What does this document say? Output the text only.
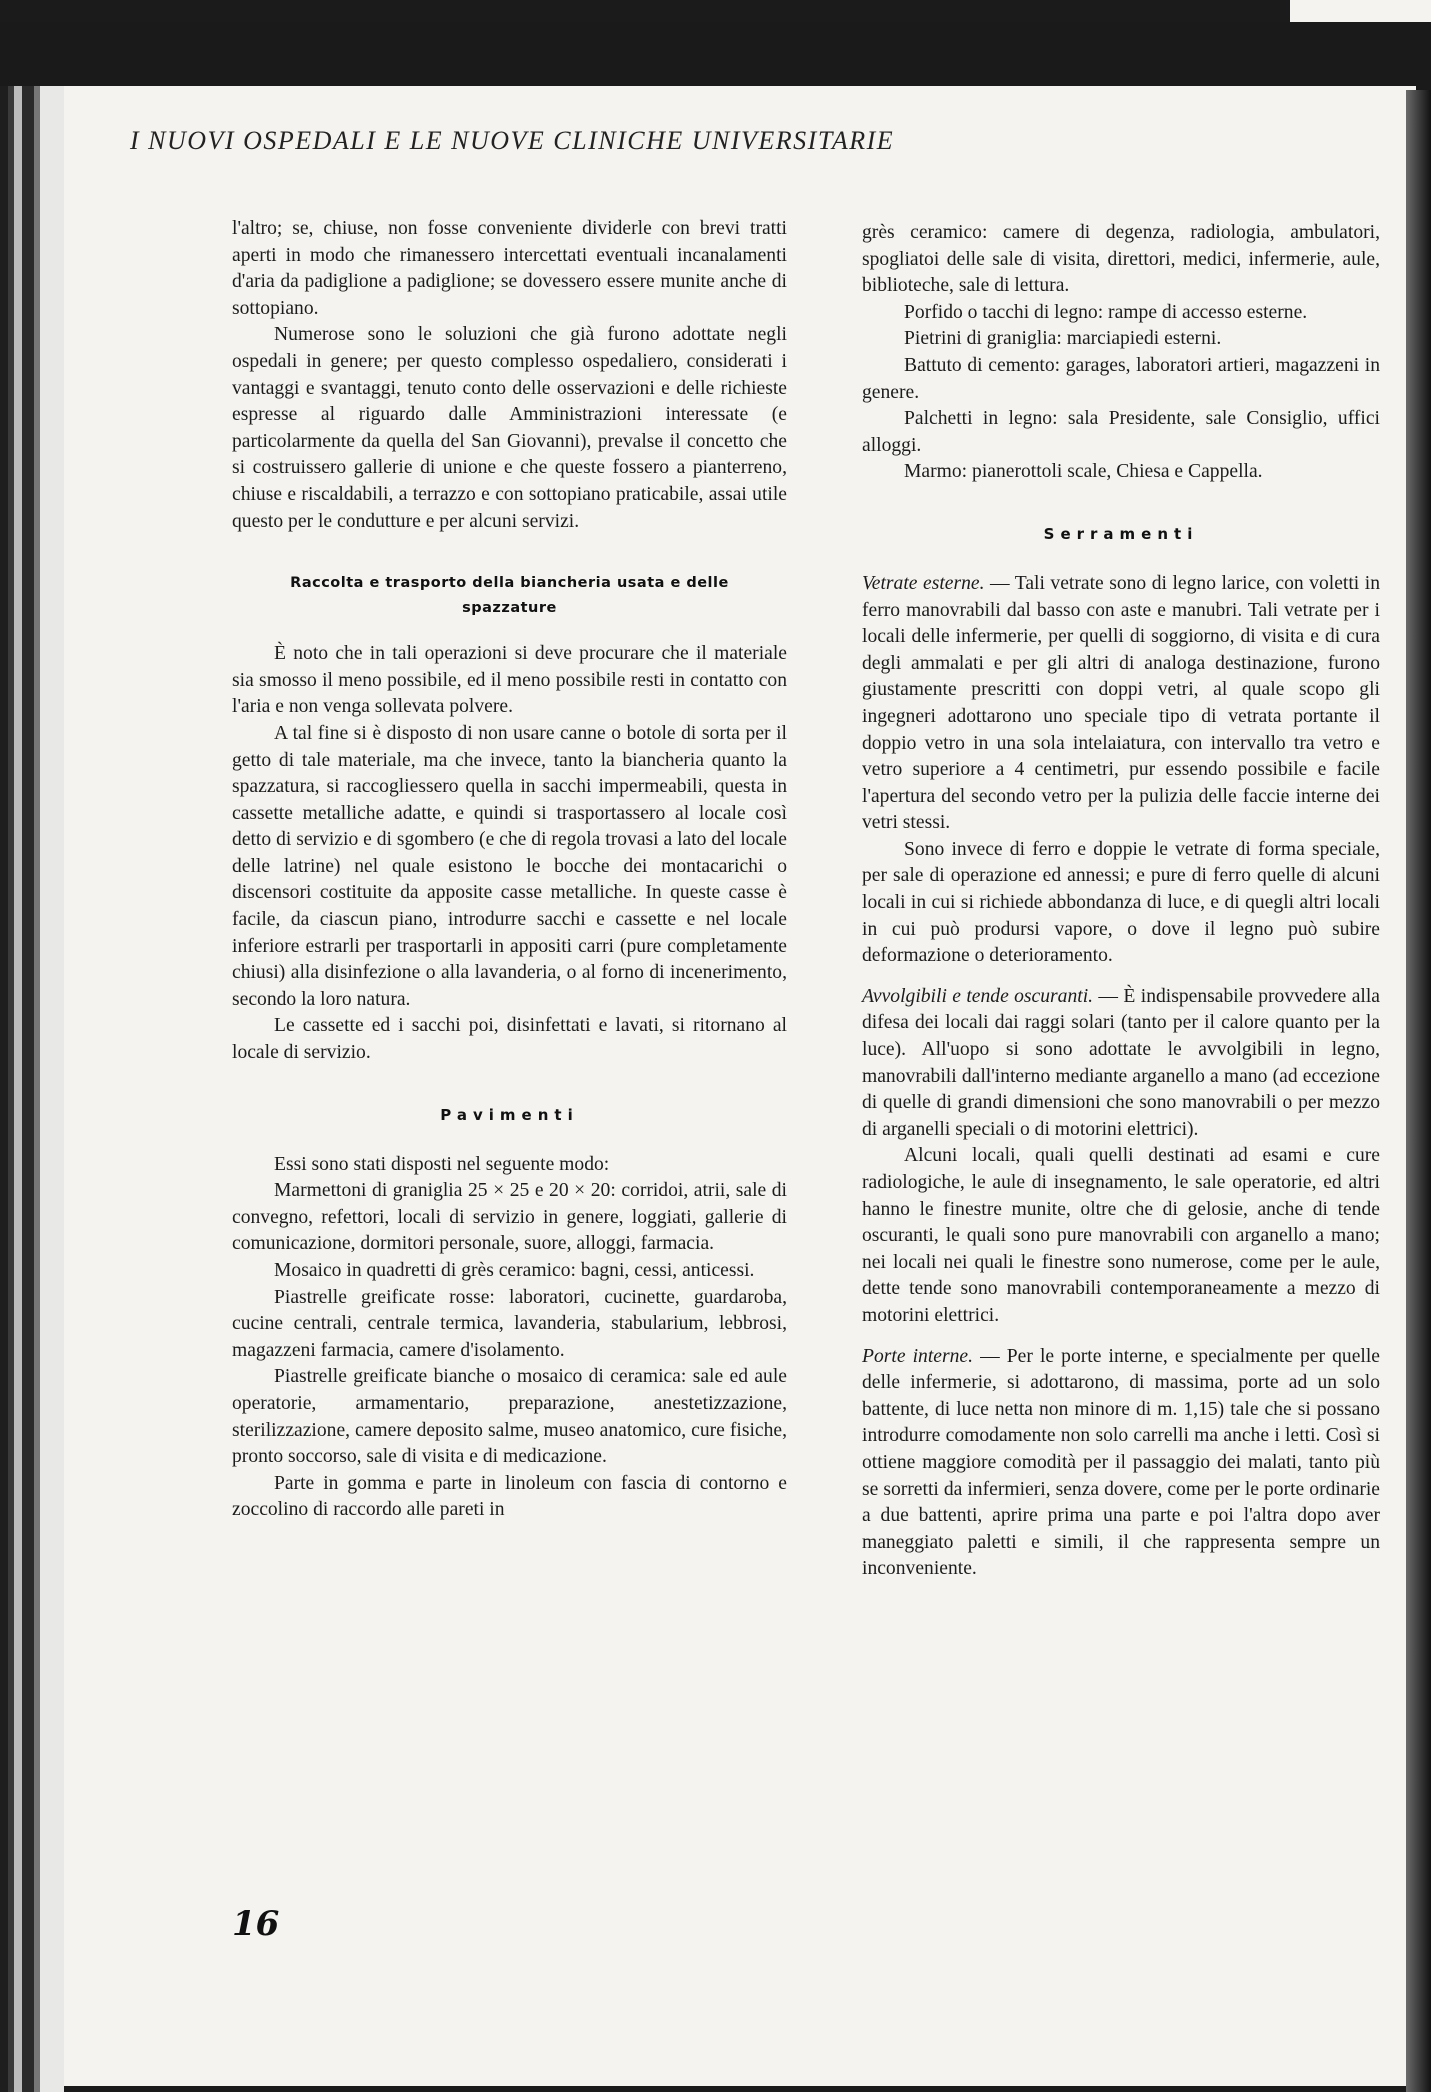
I NUOVI OSPEDALI E LE NUOVE CLINICHE UNIVERSITARIE

l'altro; se, chiuse, non fosse conveniente dividerle con brevi tratti aperti in modo che rimanessero intercettati eventuali incanalamenti d'aria da padiglione a padiglione; se dovessero essere munite anche di sottopiano.

Numerose sono le soluzioni che già furono adottate negli ospedali in genere; per questo complesso ospedaliero, considerati i vantaggi e svantaggi, tenuto conto delle osservazioni e delle richieste espresse al riguardo dalle Amministrazioni interessate (e particolarmente da quella del San Giovanni), prevalse il concetto che si costruissero gallerie di unione e che queste fossero a pianterreno, chiuse e riscaldabili, a terrazzo e con sottopiano praticabile, assai utile questo per le condutture e per alcuni servizi.

Raccolta e trasporto della biancheria usata e delle spazzature

È noto che in tali operazioni si deve procurare che il materiale sia smosso il meno possibile, ed il meno possibile resti in contatto con l'aria e non venga sollevata polvere.

A tal fine si è disposto di non usare canne o botole di sorta per il getto di tale materiale, ma che invece, tanto la biancheria quanto la spazzatura, si raccogliessero quella in sacchi impermeabili, questa in cassette metalliche adatte, e quindi si trasportassero al locale così detto di servizio e di sgombero (e che di regola trovasi a lato del locale delle latrine) nel quale esistono le bocche dei montacarichi o discensori costituite da apposite casse metalliche. In queste casse è facile, da ciascun piano, introdurre sacchi e cassette e nel locale inferiore estrarli per trasportarli in appositi carri (pure completamente chiusi) alla disinfezione o alla lavanderia, o al forno di incenerimento, secondo la loro natura.

Le cassette ed i sacchi poi, disinfettati e lavati, si ritornano al locale di servizio.

Pavimenti

Essi sono stati disposti nel seguente modo:

Marmettoni di graniglia 25 × 25 e 20 × 20: corridoi, atrii, sale di convegno, refettori, locali di servizio in genere, loggiati, gallerie di comunicazione, dormitori personale, suore, alloggi, farmacia.

Mosaico in quadretti di grès ceramico: bagni, cessi, anticessi.

Piastrelle greificate rosse: laboratori, cucinette, guardaroba, cucine centrali, centrale termica, lavanderia, stabularium, lebbrosi, magazzeni farmacia, camere d'isolamento.

Piastrelle greificate bianche o mosaico di ceramica: sale ed aule operatorie, armamentario, preparazione, anestetizzazione, sterilizzazione, camere deposito salme, museo anatomico, cure fisiche, pronto soccorso, sale di visita e di medicazione.

Parte in gomma e parte in linoleum con fascia di contorno e zoccolino di raccordo alle pareti in

grès ceramico: camere di degenza, radiologia, ambulatori, spogliatoi delle sale di visita, direttori, medici, infermerie, aule, biblioteche, sale di lettura.

Porfido o tacchi di legno: rampe di accesso esterne.

Pietrini di graniglia: marciapiedi esterni.

Battuto di cemento: garages, laboratori artieri, magazzeni in genere.

Palchetti in legno: sala Presidente, sale Consiglio, uffici alloggi.

Marmo: pianerottoli scale, Chiesa e Cappella.

Serramenti

Vetrate esterne. — Tali vetrate sono di legno larice, con voletti in ferro manovrabili dal basso con aste e manubri. Tali vetrate per i locali delle infermerie, per quelli di soggiorno, di visita e di cura degli ammalati e per gli altri di analoga destinazione, furono giustamente prescritti con doppi vetri, al quale scopo gli ingegneri adottarono uno speciale tipo di vetrata portante il doppio vetro in una sola intelaiatura, con intervallo tra vetro e vetro superiore a 4 centimetri, pur essendo possibile e facile l'apertura del secondo vetro per la pulizia delle faccie interne dei vetri stessi.

Sono invece di ferro e doppie le vetrate di forma speciale, per sale di operazione ed annessi; e pure di ferro quelle di alcuni locali in cui si richiede abbondanza di luce, e di quegli altri locali in cui può prodursi vapore, o dove il legno può subire deformazione o deterioramento.

Avvolgibili e tende oscuranti. — È indispensabile provvedere alla difesa dei locali dai raggi solari (tanto per il calore quanto per la luce). All'uopo si sono adottate le avvolgibili in legno, manovrabili dall'interno mediante arganello a mano (ad eccezione di quelle di grandi dimensioni che sono manovrabili o per mezzo di arganelli speciali o di motorini elettrici).

Alcuni locali, quali quelli destinati ad esami e cure radiologiche, le aule di insegnamento, le sale operatorie, ed altri hanno le finestre munite, oltre che di gelosie, anche di tende oscuranti, le quali sono pure manovrabili con arganello a mano; nei locali nei quali le finestre sono numerose, come per le aule, dette tende sono manovrabili contemporaneamente a mezzo di motorini elettrici.

Porte interne. — Per le porte interne, e specialmente per quelle delle infermerie, si adottarono, di massima, porte ad un solo battente, di luce netta non minore di m. 1,15) tale che si possano introdurre comodamente non solo carrelli ma anche i letti. Così si ottiene maggiore comodità per il passaggio dei malati, tanto più se sorretti da infermieri, senza dovere, come per le porte ordinarie a due battenti, aprire prima una parte e poi l'altra dopo aver maneggiato paletti e simili, il che rappresenta sempre un inconveniente.

16
